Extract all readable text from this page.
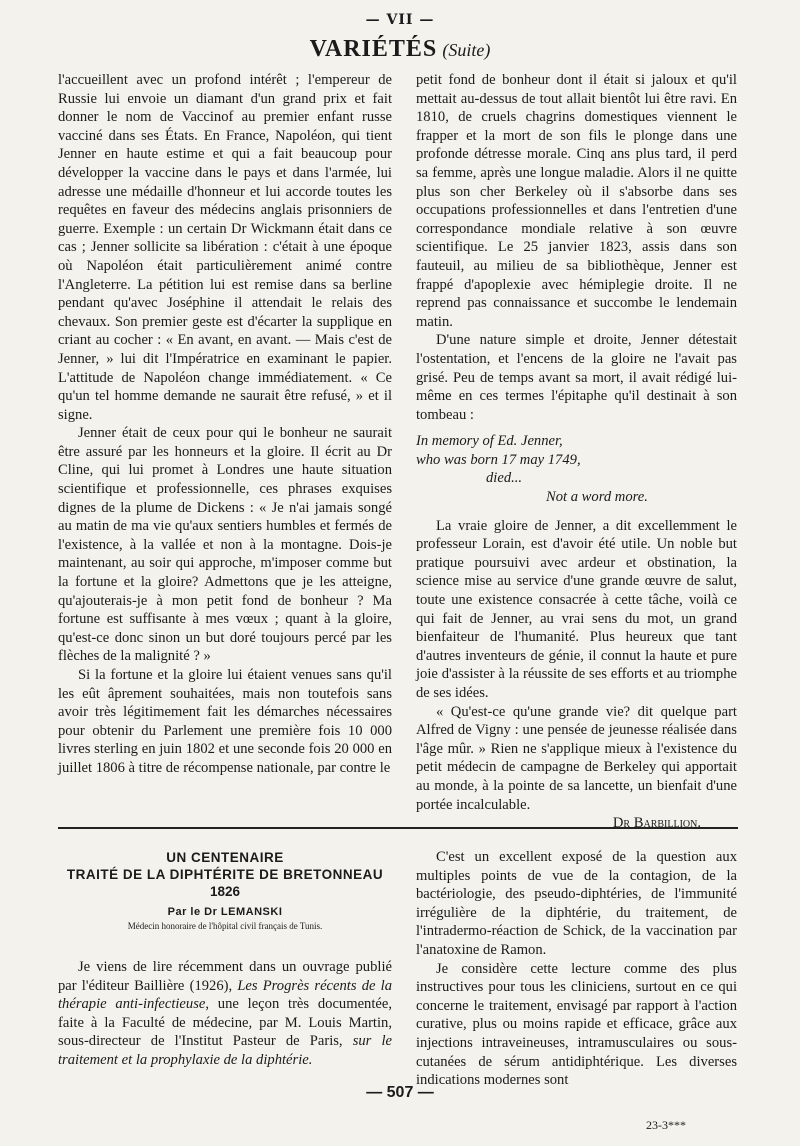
— VII —
VARIÉTÉS (Suite)

l'accueillent avec un profond intérêt ; l'empereur de Russie lui envoie un diamant d'un grand prix et fait donner le nom de Vaccinof au premier enfant russe vacciné dans ses États. En France, Napoléon, qui tient Jenner en haute estime et qui a fait beaucoup pour développer la vaccine dans le pays et dans l'armée, lui adresse une médaille d'honneur et lui accorde toutes les requêtes en faveur des médecins anglais prisonniers de guerre. Exemple : un certain Dr Wickmann était dans ce cas ; Jenner sollicite sa libération : c'était à une époque où Napoléon était particulièrement animé contre l'Angleterre. La pétition lui est remise dans sa berline pendant qu'avec Joséphine il attendait le relais des chevaux. Son premier geste est d'écarter la supplique en criant au cocher : « En avant, en avant. — Mais c'est de Jenner, » lui dit l'Impératrice en examinant le papier. L'attitude de Napoléon change immédiatement. « Ce qu'un tel homme demande ne saurait être refusé, » et il signe.

Jenner était de ceux pour qui le bonheur ne saurait être assuré par les honneurs et la gloire. Il écrit au Dr Cline, qui lui promet à Londres une haute situation scientifique et professionnelle, ces phrases exquises dignes de la plume de Dickens : « Je n'ai jamais songé au matin de ma vie qu'aux sentiers humbles et fermés de l'existence, à la vallée et non à la montagne. Dois-je maintenant, au soir qui approche, m'imposer comme but la fortune et la gloire? Admettons que je les atteigne, qu'ajouterais-je à mon petit fond de bonheur ? Ma fortune est suffisante à mes vœux ; quant à la gloire, qu'est-ce donc sinon un but doré toujours percé par les flèches de la malignité ? »

Si la fortune et la gloire lui étaient venues sans qu'il les eût âprement souhaitées, mais non toutefois sans avoir très légitimement fait les démarches nécessaires pour obtenir du Parlement une première fois 10 000 livres sterling en juin 1802 et une seconde fois 20 000 en juillet 1806 à titre de récompense nationale, par contre le

petit fond de bonheur dont il était si jaloux et qu'il mettait au-dessus de tout allait bientôt lui être ravi. En 1810, de cruels chagrins domestiques viennent le frapper et la mort de son fils le plonge dans une profonde détresse morale. Cinq ans plus tard, il perd sa femme, après une longue maladie. Alors il ne quitte plus son cher Berkeley où il s'absorbe dans ses occupations professionnelles et dans l'entretien d'une correspondance mondiale relative à son œuvre scientifique. Le 25 janvier 1823, assis dans son fauteuil, au milieu de sa bibliothèque, Jenner est frappé d'apoplexie avec hémiplegie droite. Il ne reprend pas connaissance et succombe le lendemain matin.

D'une nature simple et droite, Jenner détestait l'ostentation, et l'encens de la gloire ne l'avait pas grisé. Peu de temps avant sa mort, il avait rédigé lui-même en ces termes l'épitaphe qu'il destinait à son tombeau :

In memory of Ed. Jenner,
who was born 17 may 1749,
died...
Not a word more.

La vraie gloire de Jenner, a dit excellemment le professeur Lorain, est d'avoir été utile. Un noble but pratique poursuivi avec ardeur et obstination, la science mise au service d'une grande œuvre de salut, toute une existence consacrée à cette tâche, voilà ce qui fait de Jenner, au vrai sens du mot, un grand bienfaiteur de l'humanité. Plus heureux que tant d'autres inventeurs de génie, il connut la haute et pure joie d'assister à la réussite de ses efforts et au triomphe de ses idées.

« Qu'est-ce qu'une grande vie? dit quelque part Alfred de Vigny : une pensée de jeunesse réalisée dans l'âge mûr. » Rien ne s'applique mieux à l'existence du petit médecin de campagne de Berkeley qui apportait au monde, à la pointe de sa lancette, un bienfait d'une portée incalculable.

Dr Barbillion.

UN CENTENAIRE
TRAITÉ DE LA DIPHTÉRITE DE BRETONNEAU
1826
Par le Dr LEMANSKI
Médecin honoraire de l'hôpital civil français de Tunis.

Je viens de lire récemment dans un ouvrage publié par l'éditeur Baillière (1926), Les Progrès récents de la thérapie anti-infectieuse, une leçon très documentée, faite à la Faculté de médecine, par M. Louis Martin, sous-directeur de l'Institut Pasteur de Paris, sur le traitement et la prophylaxie de la diphtérie.

C'est un excellent exposé de la question aux multiples points de vue de la contagion, de la bactériologie, des pseudo-diphtéries, de l'immunité irrégulière de la diphtérie, du traitement, de l'intradermo-réaction de Schick, de la vaccination par l'anatoxine de Ramon.

Je considère cette lecture comme des plus instructives pour tous les cliniciens, surtout en ce qui concerne le traitement, envisagé par rapport à l'action curative, plus ou moins rapide et efficace, grâce aux injections intraveineuses, intramusculaires ou sous-cutanées de sérum antidiphtérique. Les diverses indications modernes sont

— 507 —
23-3***
